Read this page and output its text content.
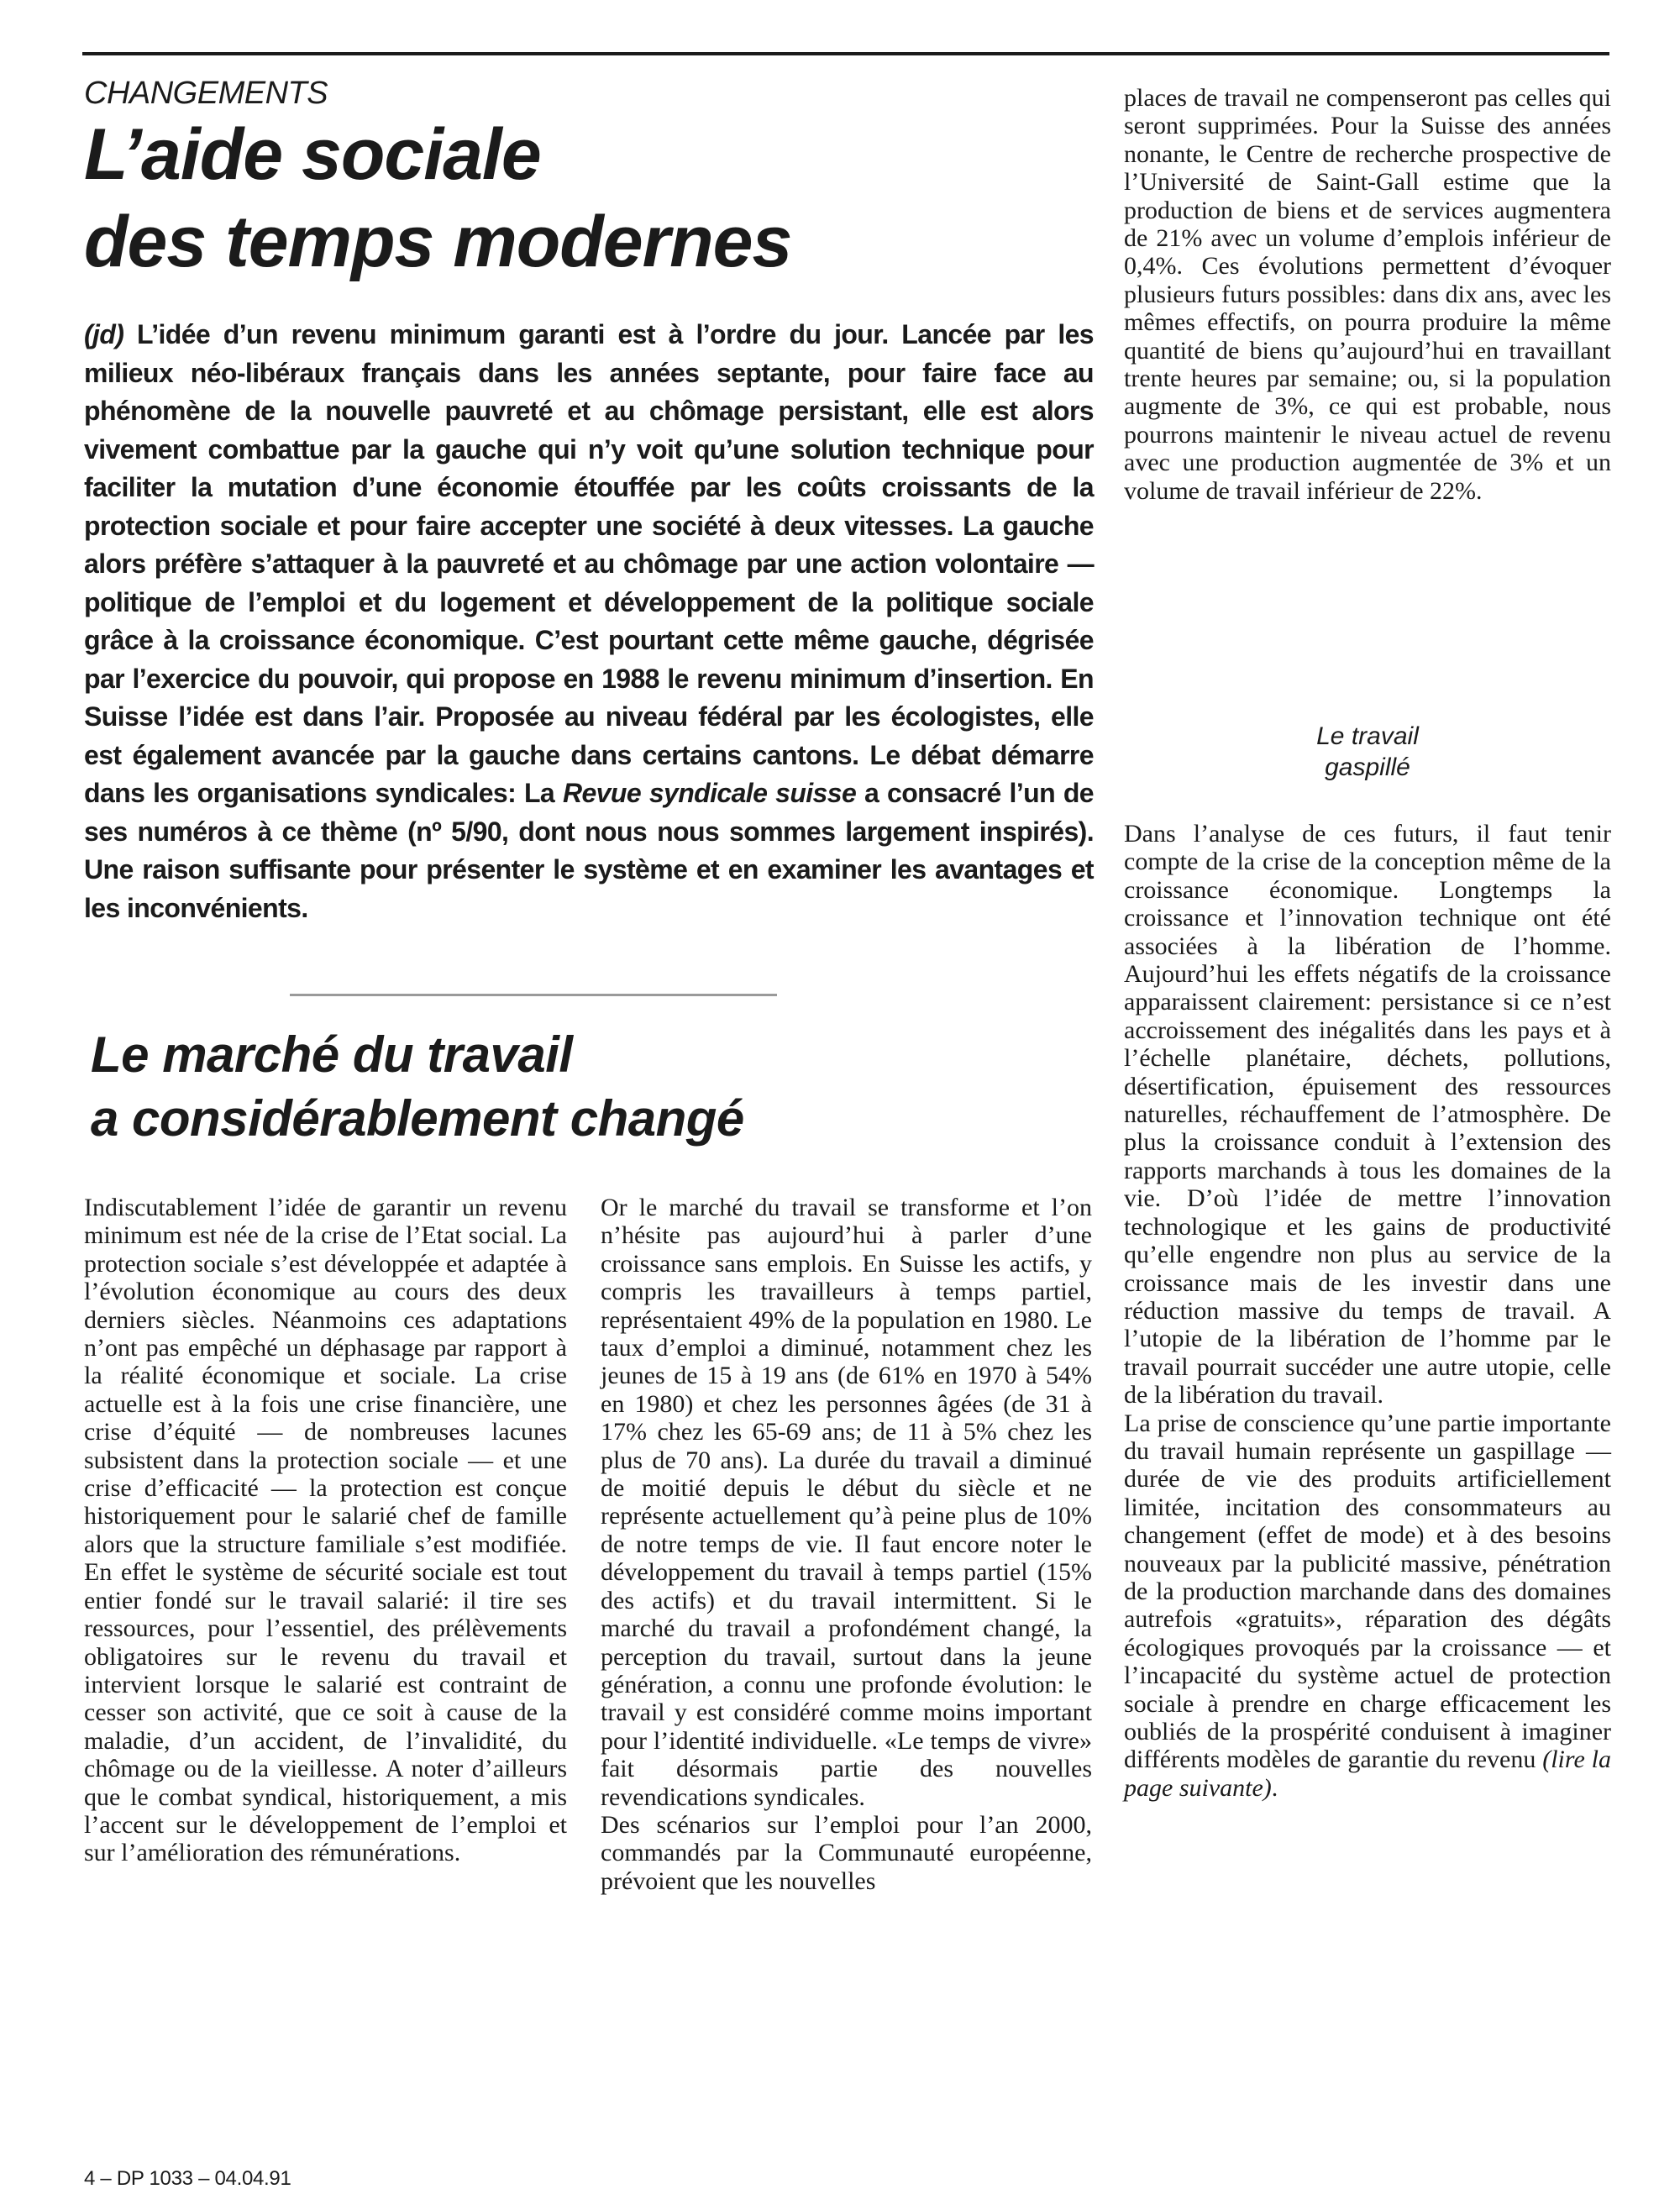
CHANGEMENTS
L’aide sociale
des temps modernes

(jd) L’idée d’un revenu minimum garanti est à l’ordre du jour. Lancée par les milieux néo-libéraux français dans les années septante, pour faire face au phénomène de la nouvelle pauvreté et au chômage persistant, elle est alors vivement combattue par la gauche qui n’y voit qu’une solution technique pour faciliter la mutation d’une économie étouffée par les coûts croissants de la protection sociale et pour faire accepter une société à deux vitesses. La gauche alors préfère s’attaquer à la pauvreté et au chômage par une action volontaire — politique de l’emploi et du logement et développement de la politique sociale grâce à la croissance économique. C’est pourtant cette même gauche, dégrisée par l’exercice du pouvoir, qui propose en 1988 le revenu minimum d’insertion. En Suisse l’idée est dans l’air. Proposée au niveau fédéral par les écologistes, elle est également avancée par la gauche dans certains cantons. Le débat démarre dans les organisations syndicales: La Revue syndicale suisse a consacré l’un de ses numéros à ce thème (nº 5/90, dont nous nous sommes largement inspirés). Une raison suffisante pour présenter le système et en examiner les avantages et les inconvénients.

Le marché du travail
a considérablement changé

Indiscutablement l’idée de garantir un revenu minimum est née de la crise de l’Etat social. La protection sociale s’est développée et adaptée à l’évolution économique au cours des deux derniers siècles. Néanmoins ces adaptations n’ont pas empêché un déphasage par rapport à la réalité économique et sociale. La crise actuelle est à la fois une crise financière, une crise d’équité — de nombreuses lacunes subsistent dans la protection sociale — et une crise d’efficacité — la protection est conçue historiquement pour le salarié chef de famille alors que la structure familiale s’est modifiée. En effet le système de sécurité sociale est tout entier fondé sur le travail salarié: il tire ses ressources, pour l’essentiel, des prélèvements obligatoires sur le revenu du travail et intervient lorsque le salarié est contraint de cesser son activité, que ce soit à cause de la maladie, d’un accident, de l’invalidité, du chômage ou de la vieillesse. A noter d’ailleurs que le combat syndical, historiquement, a mis l’accent sur le développement de l’emploi et sur l’amélioration des rémunérations.

Or le marché du travail se transforme et l’on n’hésite pas aujourd’hui à parler d’une croissance sans emplois. En Suisse les actifs, y compris les travailleurs à temps partiel, représentaient 49% de la population en 1980. Le taux d’emploi a diminué, notamment chez les jeunes de 15 à 19 ans (de 61% en 1970 à 54% en 1980) et chez les personnes âgées (de 31 à 17% chez les 65-69 ans; de 11 à 5% chez les plus de 70 ans). La durée du travail a diminué de moitié depuis le début du siècle et ne représente actuellement qu’à peine plus de 10% de notre temps de vie. Il faut encore noter le développement du travail à temps partiel (15% des actifs) et du travail intermittent. Si le marché du travail a profondément changé, la perception du travail, surtout dans la jeune génération, a connu une profonde évolution: le travail y est considéré comme moins important pour l’identité individuelle. «Le temps de vivre» fait désormais partie des nouvelles revendications syndicales.

Des scénarios sur l’emploi pour l’an 2000, commandés par la Communauté européenne, prévoient que les nouvelles

places de travail ne compenseront pas celles qui seront supprimées. Pour la Suisse des années nonante, le Centre de recherche prospective de l’Université de Saint-Gall estime que la production de biens et de services augmentera de 21% avec un volume d’emplois inférieur de 0,4%. Ces évolutions permettent d’évoquer plusieurs futurs possibles: dans dix ans, avec les mêmes effectifs, on pourra produire la même quantité de biens qu’aujourd’hui en travaillant trente heures par semaine; ou, si la population augmente de 3%, ce qui est probable, nous pourrons maintenir le niveau actuel de revenu avec une production augmentée de 3% et un volume de travail inférieur de 22%.

Le travail
gaspillé

Dans l’analyse de ces futurs, il faut tenir compte de la crise de la conception même de la croissance économique. Longtemps la croissance et l’innovation technique ont été associées à la libération de l’homme. Aujourd’hui les effets négatifs de la croissance apparaissent clairement: persistance si ce n’est accroissement des inégalités dans les pays et à l’échelle planétaire, déchets, pollutions, désertification, épuisement des ressources naturelles, réchauffement de l’atmosphère. De plus la croissance conduit à l’extension des rapports marchands à tous les domaines de la vie. D’où l’idée de mettre l’innovation technologique et les gains de productivité qu’elle engendre non plus au service de la croissance mais de les investir dans une réduction massive du temps de travail. A l’utopie de la libération de l’homme par le travail pourrait succéder une autre utopie, celle de la libération du travail.

La prise de conscience qu’une partie importante du travail humain représente un gaspillage — durée de vie des produits artificiellement limitée, incitation des consommateurs au changement (effet de mode) et à des besoins nouveaux par la publicité massive, pénétration de la production marchande dans des domaines autrefois «gratuits», réparation des dégâts écologiques provoqués par la croissance — et l’incapacité du système actuel de protection sociale à prendre en charge efficacement les oubliés de la prospérité conduisent à imaginer différents modèles de garantie du revenu (lire la page suivante).

4 – DP 1033 – 04.04.91
